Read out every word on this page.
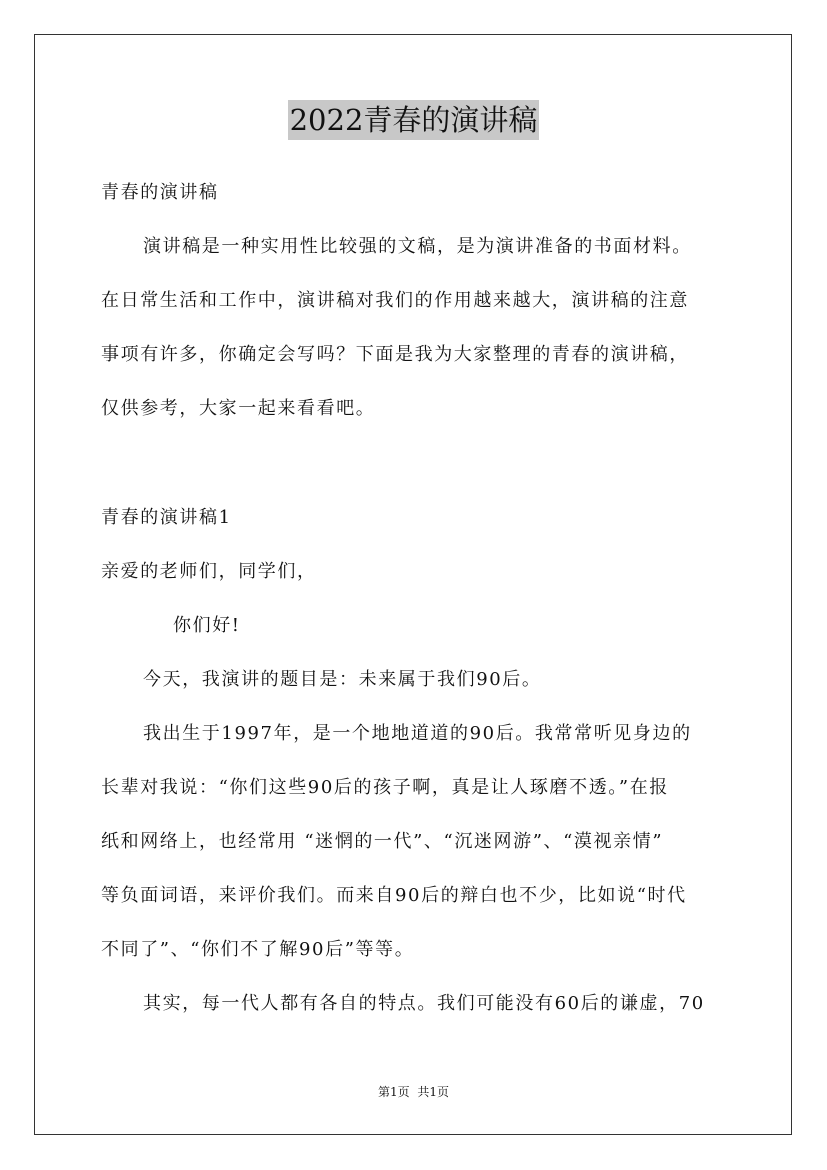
2022青春的演讲稿
青春的演讲稿
演讲稿是一种实用性比较强的文稿，是为演讲准备的书面材料。
在日常生活和工作中，演讲稿对我们的作用越来越大，演讲稿的注意
事项有许多，你确定会写吗？下面是我为大家整理的青春的演讲稿，
仅供参考，大家一起来看看吧。
青春的演讲稿1
亲爱的老师们，同学们，
你们好!
今天，我演讲的题目是：未来属于我们90后。
我出生于1997年，是一个地地道道的90后。我常常听见身边的
长辈对我说：“你们这些90后的孩子啊，真是让人琢磨不透。”在报
纸和网络上，也经常用 “迷惘的一代”、“沉迷网游”、“漠视亲情”
等负面词语，来评价我们。而来自90后的辩白也不少，比如说“时代
不同了”、“你们不了解90后”等等。
其实，每一代人都有各自的特点。我们可能没有60后的谦虚，70
第1页 共1页
